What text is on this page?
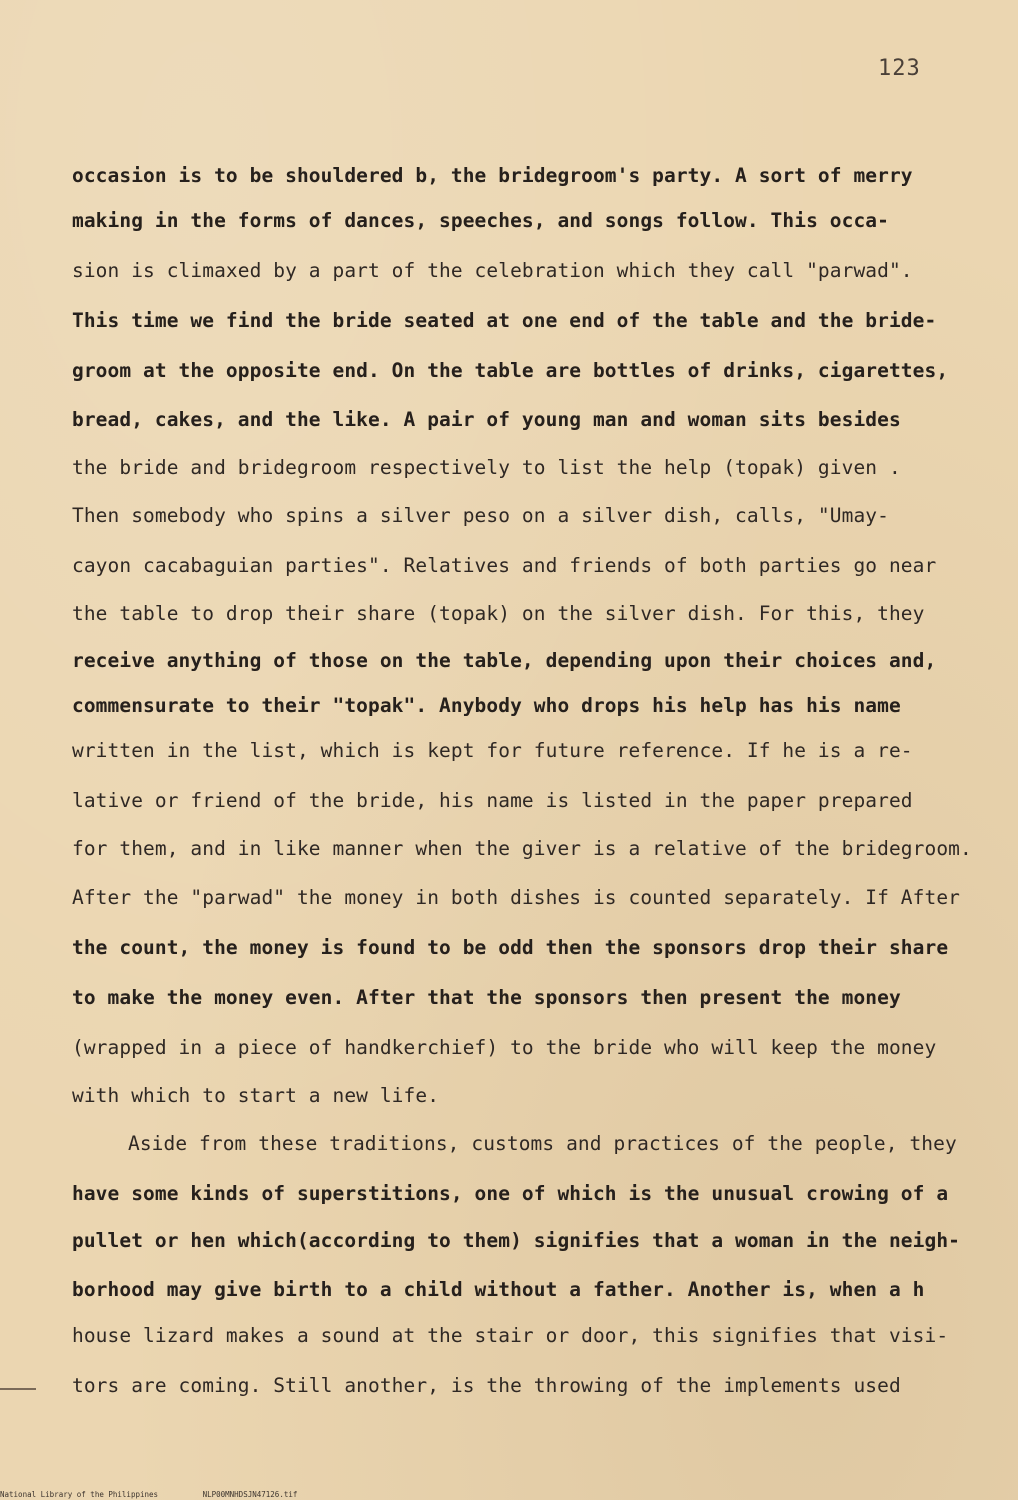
123
occasion is to be shouldered b, the bridegroom's party. A sort of merry
making in the forms of dances, speeches, and songs follow. This occa-
sion is climaxed by a part of the celebration which they call "parwad".
This time we find the bride seated at one end of the table and the bride-
groom at the opposite end. On the table are bottles of drinks, cigarettes,
bread, cakes, and the like. A pair of young man and woman sits besides
the bride and bridegroom respectively to list the help (topak) given .
Then somebody who spins a silver peso on a silver dish, calls, "Umay-
cayon cacabaguian parties". Relatives and friends of both parties go near
the table to drop their share (topak) on the silver dish. For this, they
receive anything of those on the table, depending upon their choices and,
commensurate to their "topak". Anybody who drops his help has his name
written in the list, which is kept for future reference. If he is a re-
lative or friend of the bride, his name is listed in the paper prepared
for them, and in like manner when the giver is a relative of the bridegroom.
After the "parwad" the money in both dishes is counted separately. If After
the count, the money is found to be odd then the sponsors drop their share
to make the money even. After that the sponsors then present the money
(wrapped in a piece of handkerchief) to the bride who will keep the money
with which to start a new life.
Aside from these traditions, customs and practices of the people, they
have some kinds of superstitions, one of which is the unusual crowing of a
pullet or hen which(according to them) signifies that a woman in the neigh-
borhood may give birth to a child without a father. Another is, when a h
house lizard makes a sound at the stair or door, this signifies that visi-
tors are coming. Still another, is the throwing of the implements used
National Library of the Philippines	NLP00MNHDSJN47126.tif
